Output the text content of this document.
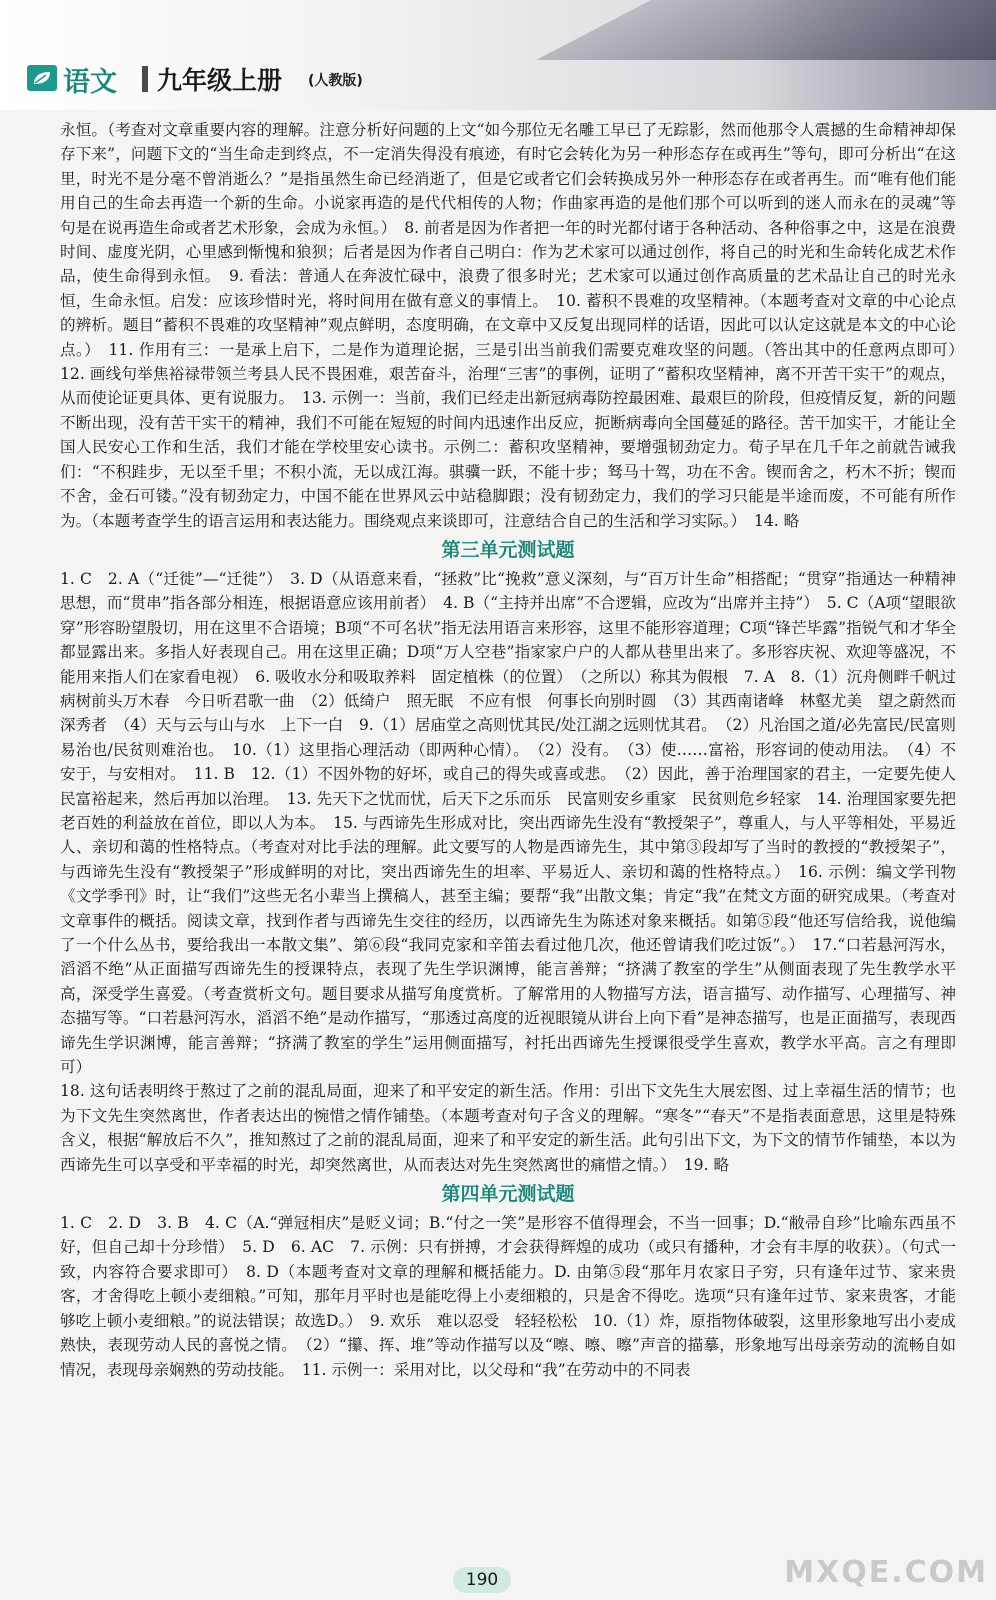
语文 九年级上册 (人教版)

永恒。（考查对文章重要内容的理解。注意分析好问题的上文“如今那位无名雕工早已了无踪影，然而他那令人震撼的生命精神却保存下来”，问题下文的“当生命走到终点，不一定消失得没有痕迹，有时它会转化为另一种形态存在或再生”等句，即可分析出“在这里，时光不是分毫不曾消逝么？”是指虽然生命已经消逝了，但是它或者它们会转换成另外一种形态存在或者再生。而“唯有他们能用自己的生命去再造一个新的生命。小说家再造的是代代相传的人物；作曲家再造的是他们那个可以听到的迷人而永在的灵魂”等句是在说再造生命或者艺术形象，会成为永恒。）　8. 前者是因为作者把一年的时光都付诸于各种活动、各种俗事之中，这是在浪费时间、虚度光阴，心里感到惭愧和狼狈；后者是因为作者自己明白：作为艺术家可以通过创作，将自己的时光和生命转化成艺术作品，使生命得到永恒。　9. 看法：普通人在奔波忙碌中，浪费了很多时光；艺术家可以通过创作高质量的艺术品让自己的时光永恒，生命永恒。启发：应该珍惜时光，将时间用在做有意义的事情上。　10. 蓄积不畏难的攻坚精神。（本题考查对文章的中心论点的辨析。题目“蓄积不畏难的攻坚精神”观点鲜明，态度明确，在文章中又反复出现同样的话语，因此可以认定这就是本文的中心论点。）　11. 作用有三：一是承上启下，二是作为道理论据，三是引出当前我们需要克难攻坚的问题。（答出其中的任意两点即可）　12. 画线句举焦裕禄带领兰考县人民不畏困难，艰苦奋斗，治理“三害”的事例，证明了“蓄积攻坚精神，离不开苦干实干”的观点，从而使论证更具体、更有说服力。　13. 示例一：当前，我们已经走出新冠病毒防控最困难、最艰巨的阶段，但疫情反复，新的问题不断出现，没有苦干实干的精神，我们不可能在短短的时间内迅速作出反应，扼断病毒向全国蔓延的路径。苦干加实干，才能让全国人民安心工作和生活，我们才能在学校里安心读书。示例二：蓄积攻坚精神，要增强韧劲定力。荀子早在几千年之前就告诫我们：“不积跬步，无以至千里；不积小流，无以成江海。骐骥一跃，不能十步；驽马十驾，功在不舍。锲而舍之，朽木不折；锲而不舍，金石可镂。”没有韧劲定力，中国不能在世界风云中站稳脚跟；没有韧劲定力，我们的学习只能是半途而废，不可能有所作为。（本题考查学生的语言运用和表达能力。围绕观点来谈即可，注意结合自己的生活和学习实际。）　14. 略

第三单元测试题

1. C　2. A（“迁徙”—“迁徙”）　3. D（从语意来看，“拯救”比“挽救”意义深刻，与“百万计生命”相搭配；“贯穿”指通达一种精神思想，而“贯串”指各部分相连，根据语意应该用前者）　4. B（“主持并出席”不合逻辑，应改为“出席并主持”）　5. C（A项“望眼欲穿”形容盼望殷切，用在这里不合语境；B项“不可名状”指无法用语言来形容，这里不能形容道理；C项“锋芒毕露”指锐气和才华全都显露出来。多指人好表现自己。用在这里正确；D项“万人空巷”指家家户户的人都从巷里出来了。多形容庆祝、欢迎等盛况，不能用来指人们在家看电视）　6. 吸收水分和吸取养料　固定植株（的位置）　（之所以）称其为假根　7. A　8.（1）沉舟侧畔千帆过　病树前头万木春　今日听君歌一曲　（2）低绮户　照无眠　不应有恨　何事长向别时圆　（3）其西南诸峰　林壑尤美　望之蔚然而深秀者　（4）天与云与山与水　上下一白　9.（1）居庙堂之高则忧其民/处江湖之远则忧其君。　（2）凡治国之道/必先富民/民富则易治也/民贫则难治也。　10.（1）这里指心理活动（即两种心情）。　（2）没有。　（3）使……富裕，形容词的使动用法。　（4）不安于，与安相对。　11. B　12.（1）不因外物的好坏，或自己的得失或喜或悲。　（2）因此，善于治理国家的君主，一定要先使人民富裕起来，然后再加以治理。　13. 先天下之忧而忧，后天下之乐而乐　民富则安乡重家　民贫则危乡轻家　14. 治理国家要先把老百姓的利益放在首位，即以人为本。　15. 与西谛先生形成对比，突出西谛先生没有“教授架子”，尊重人，与人平等相处，平易近人、亲切和蔼的性格特点。（考查对对比手法的理解。此文要写的人物是西谛先生，其中第③段却写了当时的教授的“教授架子”，与西谛先生没有“教授架子”形成鲜明的对比，突出西谛先生的坦率、平易近人、亲切和蔼的性格特点。）　16. 示例：编文学刊物《文学季刊》时，让“我们”这些无名小辈当上撰稿人，甚至主编；要帮“我”出散文集；肯定“我”在梵文方面的研究成果。（考查对文章事件的概括。阅读文章，找到作者与西谛先生交往的经历，以西谛先生为陈述对象来概括。如第⑤段“他还写信给我，说他编了一个什么丛书，要给我出一本散文集”、第⑥段“我同克家和辛笛去看过他几次，他还曾请我们吃过饭”。）　17.“口若悬河泻水，滔滔不绝”从正面描写西谛先生的授课特点，表现了先生学识渊博，能言善辩；“挤满了教室的学生”从侧面表现了先生教学水平高，深受学生喜爱。（考查赏析文句。题目要求从描写角度赏析。了解常用的人物描写方法，语言描写、动作描写、心理描写、神态描写等。“口若悬河泻水，滔滔不绝”是动作描写，“那透过高度的近视眼镜从讲台上向下看”是神态描写，也是正面描写，表现西谛先生学识渊博，能言善辩；“挤满了教室的学生”运用侧面描写，衬托出西谛先生授课很受学生喜欢，教学水平高。言之有理即可）

18. 这句话表明终于熬过了之前的混乱局面，迎来了和平安定的新生活。作用：引出下文先生大展宏图、过上幸福生活的情节；也为下文先生突然离世，作者表达出的惋惜之情作铺垫。（本题考查对句子含义的理解。“寒冬”“春天”不是指表面意思，这里是特殊含义，根据“解放后不久”，推知熬过了之前的混乱局面，迎来了和平安定的新生活。此句引出下文，为下文的情节作铺垫，本以为西谛先生可以享受和平幸福的时光，却突然离世，从而表达对先生突然离世的痛惜之情。）　19. 略

第四单元测试题

1. C　2. D　3. B　4. C（A.“弹冠相庆”是贬义词；B.“付之一笑”是形容不值得理会，不当一回事；D.“敝帚自珍”比喻东西虽不好，但自己却十分珍惜）　5. D　6. AC　7. 示例：只有拼搏，才会获得辉煌的成功（或只有播种，才会有丰厚的收获）。（句式一致，内容符合要求即可）　8. D（本题考查对文章的理解和概括能力。D. 由第⑤段“那年月农家日子穷，只有逢年过节、家来贵客，才舍得吃上顿小麦细粮。”可知，那年月平时也是能吃得上小麦细粮的，只是舍不得吃。选项“只有逢年过节、家来贵客，才能够吃上顿小麦细粮。”的说法错误；故选D。）　9. 欢乐　难以忍受　轻轻松松　10.（1）炸，原指物体破裂，这里形象地写出小麦成熟快，表现劳动人民的喜悦之情。　（2）“攥、挥、堆”等动作描写以及“嚓、嚓、嚓”声音的描摹，形象地写出母亲劳动的流畅自如情况，表现母亲娴熟的劳动技能。　11. 示例一：采用对比，以父母和“我”在劳动中的不同表

190	MXQE.COM
